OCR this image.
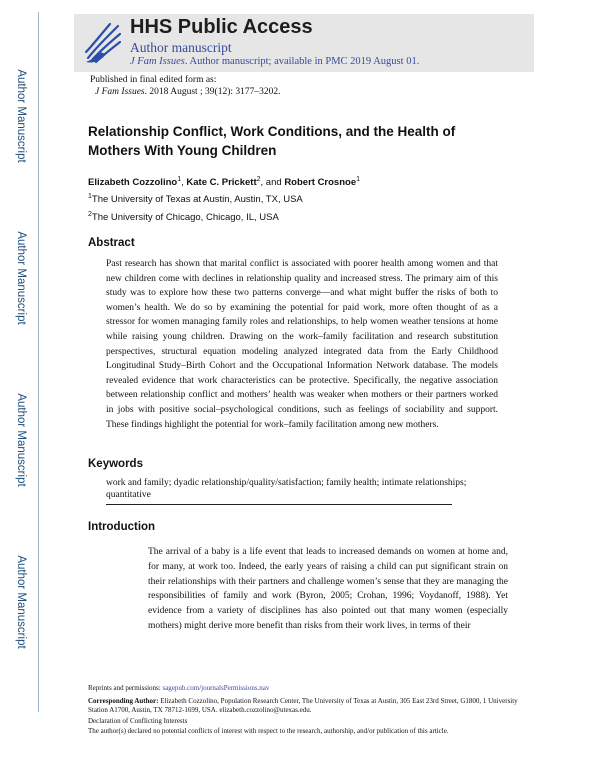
Author Manuscript
Author Manuscript
Author Manuscript
Author Manuscript
HHS Public Access
Author manuscript
J Fam Issues. Author manuscript; available in PMC 2019 August 01.
Published in final edited form as:
J Fam Issues. 2018 August ; 39(12): 3177–3202.
Relationship Conflict, Work Conditions, and the Health of Mothers With Young Children
Elizabeth Cozzolino$^1$, Kate C. Prickett$^2$, and Robert Crosnoe$^1$
$^1$The University of Texas at Austin, Austin, TX, USA
$^2$The University of Chicago, Chicago, IL, USA
Abstract

Past research has shown that marital conflict is associated with poorer health among women and that new children come with declines in relationship quality and increased stress. The primary aim of this study was to explore how these two patterns converge—and what might buffer the risks of both to women’s health. We do so by examining the potential for paid work, more often thought of as a stressor for women managing family roles and relationships, to help women weather tensions at home while raising young children. Drawing on the work–family facilitation and research substitution perspectives, structural equation modeling analyzed integrated data from the Early Childhood Longitudinal Study–Birth Cohort and the Occupational Information Network database. The models revealed evidence that work characteristics can be protective. Specifically, the negative association between relationship conflict and mothers’ health was weaker when mothers or their partners worked in jobs with positive social–psychological conditions, such as feelings of sociability and support. These findings highlight the potential for work–family facilitation among new mothers.

Keywords

work and family; dyadic relationship/quality/satisfaction; family health; intimate relationships; quantitative

Introduction

The arrival of a baby is a life event that leads to increased demands on women at home and, for many, at work too. Indeed, the early years of raising a child can put significant strain on their relationships with their partners and challenge women’s sense that they are managing the responsibilities of family and work (Byron, 2005; Crohan, 1996; Voydanoff, 1988). Yet evidence from a variety of disciplines has also pointed out that many women (especially mothers) might derive more benefit than risks from their work lives, in terms of their

Reprints and permissions: sagepub.com/journalsPermissions.nav

Corresponding Author: Elizabeth Cozzolino, Population Research Center, The University of Texas at Austin, 305 East 23rd Street, G1800, 1 University Station A1700, Austin, TX 78712-1699, USA. elizabeth.cozzolino@utexas.edu.

Declaration of Conflicting Interests

The author(s) declared no potential conflicts of interest with respect to the research, authorship, and/or publication of this article.
